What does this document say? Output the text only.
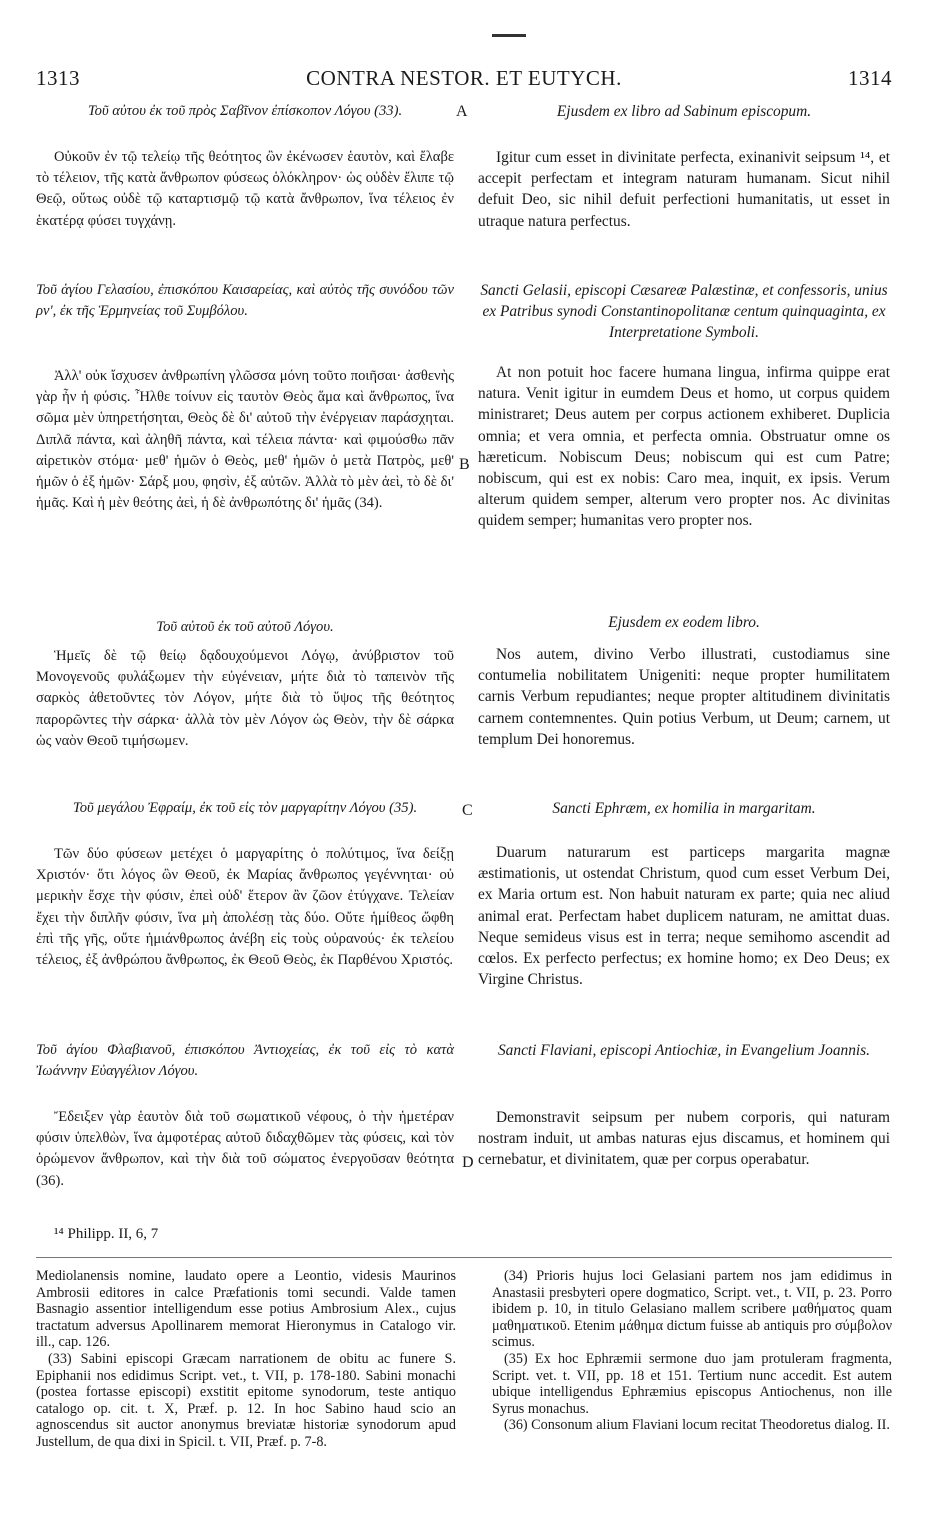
1313	CONTRA NESTOR. ET EUTYCH.	1314
A
B
C
D

Τοῦ αὐτου ἐκ τοῦ πρὸς Σαβῖνον ἐπίσκοπον Λόγου (33).

Οὐκοῦν ἐν τῷ τελείῳ τῆς θεότητος ὢν ἐκένωσεν ἑαυτὸν, καὶ ἔλαβε τὸ τέλειον, τῆς κατὰ ἄνθρωπον φύσεως ὁλόκληρον· ὡς οὐδὲν ἔλιπε τῷ Θεῷ, οὕτως οὐδὲ τῷ καταρτισμῷ τῷ κατὰ ἄνθρωπον, ἵνα τέλειος ἐν ἑκατέρᾳ φύσει τυγχάνῃ.

Τοῦ ἁγίου Γελασίου, ἐπισκόπου Καισαρείας, καὶ αὐτὸς τῆς συνόδου τῶν ρν', ἐκ τῆς Ἑρμηνείας τοῦ Συμβόλου.

Ἀλλ' οὐκ ἴσχυσεν ἀνθρωπίνη γλῶσσα μόνη τοῦτο ποιῆσαι· ἀσθενὴς γὰρ ἦν ἡ φύσις. Ἦλθε τοίνυν εἰς ταυτὸν Θεὸς ἅμα καὶ ἄνθρωπος, ἵνα σῶμα μὲν ὑπηρετήσηται, Θεὸς δὲ δι' αὐτοῦ τὴν ἐνέργειαν παράσχηται. Διπλᾶ πάντα, καὶ ἀληθῆ πάντα, καὶ τέλεια πάντα· καὶ φιμούσθω πᾶν αἱρετικὸν στόμα· μεθ' ἡμῶν ὁ Θεὸς, μεθ' ἡμῶν ὁ μετὰ Πατρὸς, μεθ' ἡμῶν ὁ ἐξ ἡμῶν· Σάρξ μου, φησὶν, ἐξ αὐτῶν. Ἀλλὰ τὸ μὲν ἀεὶ, τὸ δὲ δι' ἡμᾶς. Καὶ ἡ μὲν θεότης ἀεὶ, ἡ δὲ ἀνθρωπότης δι' ἡμᾶς (34).

Τοῦ αὐτοῦ ἐκ τοῦ αὐτοῦ Λόγου.

Ἡμεῖς δὲ τῷ θείῳ δᾳδουχούμενοι Λόγῳ, ἀνύβριστον τοῦ Μονογενοῦς φυλάξωμεν τὴν εὐγένειαν, μήτε διὰ τὸ ταπεινὸν τῆς σαρκὸς ἀθετοῦντες τὸν Λόγον, μήτε διὰ τὸ ὕψος τῆς θεότητος παρορῶντες τὴν σάρκα· ἀλλὰ τὸν μὲν Λόγον ὡς Θεὸν, τὴν δὲ σάρκα ὡς ναὸν Θεοῦ τιμήσωμεν.

Τοῦ μεγάλου Ἐφραίμ, ἐκ τοῦ εἰς τὸν μαργαρίτην Λόγου (35).

Τῶν δύο φύσεων μετέχει ὁ μαργαρίτης ὁ πολύτιμος, ἵνα δείξῃ Χριστόν· ὅτι λόγος ὢν Θεοῦ, ἐκ Μαρίας ἄνθρωπος γεγέννηται· οὐ μερικὴν ἔσχε τὴν φύσιν, ἐπεὶ οὐδ' ἕτερον ἂν ζῶον ἐτύγχανε. Τελείαν ἔχει τὴν διπλῆν φύσιν, ἵνα μὴ ἀπολέσῃ τὰς δύο. Οὔτε ἡμίθεος ὤφθη ἐπὶ τῆς γῆς, οὔτε ἡμιάνθρωπος ἀνέβη εἰς τοὺς οὐρανούς· ἐκ τελείου τέλειος, ἐξ ἀνθρώπου ἄνθρωπος, ἐκ Θεοῦ Θεὸς, ἐκ Παρθένου Χριστός.

Τοῦ ἁγίου Φλαβιανοῦ, ἐπισκόπου Ἀντιοχείας, ἐκ τοῦ εἰς τὸ κατὰ Ἰωάννην Εὐαγγέλιον Λόγου.

Ἔδειξεν γὰρ ἑαυτὸν διὰ τοῦ σωματικοῦ νέφους, ὁ τὴν ἡμετέραν φύσιν ὑπελθὼν, ἵνα ἀμφοτέρας αὐτοῦ διδαχθῶμεν τὰς φύσεις, καὶ τὸν ὁρώμενον ἄνθρωπον, καὶ τὴν διὰ τοῦ σώματος ἐνεργοῦσαν θεότητα (36).

Ejusdem ex libro ad Sabinum episcopum.

Igitur cum esset in divinitate perfecta, exinanivit seipsum ¹⁴, et accepit perfectam et integram naturam humanam. Sicut nihil defuit Deo, sic nihil defuit perfectioni humanitatis, ut esset in utraque natura perfectus.

Sancti Gelasii, episcopi Cæsareæ Palæstinæ, et confessoris, unius ex Patribus synodi Constantinopolitanæ centum quinquaginta, ex Interpretatione Symboli.

At non potuit hoc facere humana lingua, infirma quippe erat natura. Venit igitur in eumdem Deus et homo, ut corpus quidem ministraret; Deus autem per corpus actionem exhiberet. Duplicia omnia; et vera omnia, et perfecta omnia. Obstruatur omne os hæreticum. Nobiscum Deus; nobiscum qui est cum Patre; nobiscum, qui est ex nobis: Caro mea, inquit, ex ipsis. Verum alterum quidem semper, alterum vero propter nos. Ac divinitas quidem semper; humanitas vero propter nos.

Ejusdem ex eodem libro.

Nos autem, divino Verbo illustrati, custodiamus sine contumelia nobilitatem Unigeniti: neque propter humilitatem carnis Verbum repudiantes; neque propter altitudinem divinitatis carnem contemnentes. Quin potius Verbum, ut Deum; carnem, ut templum Dei honoremus.

Sancti Ephræm, ex homilia in margaritam.

Duarum naturarum est particeps margarita magnæ æstimationis, ut ostendat Christum, quod cum esset Verbum Dei, ex Maria ortum est. Non habuit naturam ex parte; quia nec aliud animal erat. Perfectam habet duplicem naturam, ne amittat duas. Neque semideus visus est in terra; neque semihomo ascendit ad cœlos. Ex perfecto perfectus; ex homine homo; ex Deo Deus; ex Virgine Christus.

Sancti Flaviani, episcopi Antiochiæ, in Evangelium Joannis.

Demonstravit seipsum per nubem corporis, qui naturam nostram induit, ut ambas naturas ejus discamus, et hominem qui cernebatur, et divinitatem, quæ per corpus operabatur.

¹⁴ Philipp. II, 6, 7

Mediolanensis nomine, laudato opere a Leontio, videsis Maurinos Ambrosii editores in calce Præfationis tomi secundi. Valde tamen Basnagio assentior intelligendum esse potius Ambrosium Alex., cujus tractatum adversus Apollinarem memorat Hieronymus in Catalogo vir. ill., cap. 126.

(33) Sabini episcopi Græcam narrationem de obitu ac funere S. Epiphanii nos edidimus Script. vet., t. VII, p. 178-180. Sabini monachi (postea fortasse episcopi) exstitit epitome synodorum, teste antiquo catalogo op. cit. t. X, Præf. p. 12. In hoc Sabino haud scio an agnoscendus sit auctor anonymus breviatæ historiæ synodorum apud Justellum, de qua dixi in Spicil. t. VII, Præf. p. 7-8.

(34) Prioris hujus loci Gelasiani partem nos jam edidimus in Anastasii presbyteri opere dogmatico, Script. vet., t. VII, p. 23. Porro ibidem p. 10, in titulo Gelasiano mallem scribere μαθήματος quam μαθηματικοῦ. Etenim μάθημα dictum fuisse ab antiquis pro σύμβολον scimus.

(35) Ex hoc Ephræmii sermone duo jam protuleram fragmenta, Script. vet. t. VII, pp. 18 et 151. Tertium nunc accedit. Est autem ubique intelligendus Ephræmius episcopus Antiochenus, non ille Syrus monachus.

(36) Consonum alium Flaviani locum recitat Theodoretus dialog. II.
